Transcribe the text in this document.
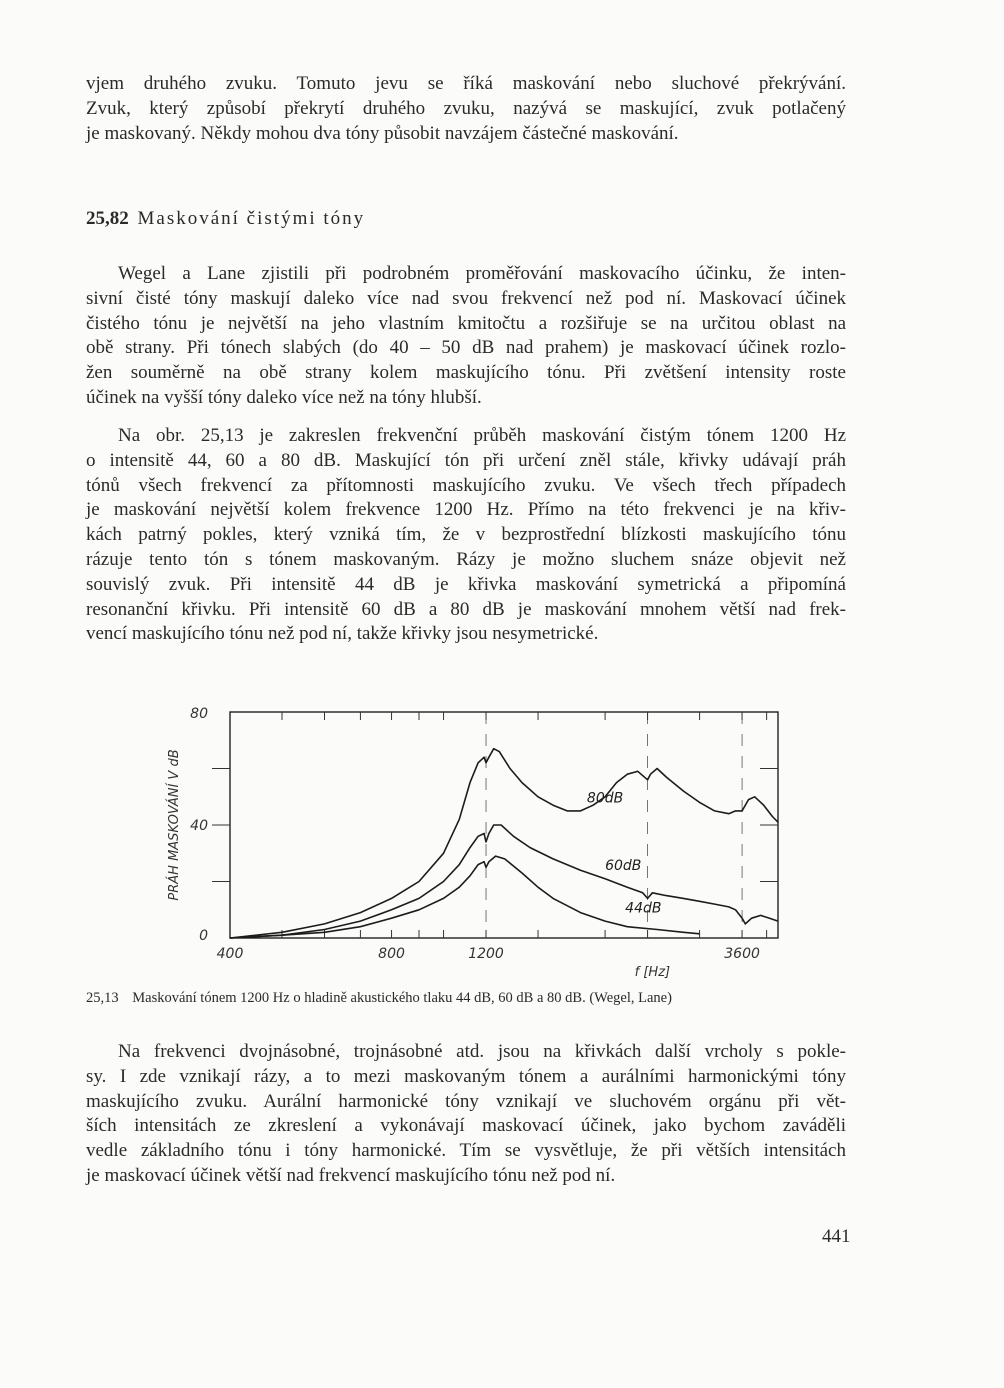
vjem druhého zvuku. Tomuto jevu se říká maskování nebo sluchové překrývání.
Zvuk, který způsobí překrytí druhého zvuku, nazývá se maskující, zvuk potlačený
je maskovaný. Někdy mohou dva tóny působit navzájem částečné maskování.

25,82 Maskování čistými tóny

Wegel a Lane zjistili při podrobném proměřování maskovacího účinku, že inten-
sivní čisté tóny maskují daleko více nad svou frekvencí než pod ní. Maskovací účinek
čistého tónu je největší na jeho vlastním kmitočtu a rozšiřuje se na určitou oblast na
obě strany. Při tónech slabých (do 40 – 50 dB nad prahem) je maskovací účinek rozlo-
žen souměrně na obě strany kolem maskujícího tónu. Při zvětšení intensity roste
účinek na vyšší tóny daleko více než na tóny hlubší.

Na obr. 25,13 je zakreslen frekvenční průběh maskování čistým tónem 1200 Hz
o intensitě 44, 60 a 80 dB. Maskující tón při určení zněl stále, křivky udávají práh
tónů všech frekvencí za přítomnosti maskujícího zvuku. Ve všech třech případech
je maskování největší kolem frekvence 1200 Hz. Přímo na této frekvenci je na křiv-
kách patrný pokles, který vzniká tím, že v bezprostřední blízkosti maskujícího tónu
rázuje tento tón s tónem maskovaným. Rázy je možno sluchem snáze objevit než
souvislý zvuk. Při intensitě 44 dB je křivka maskování symetrická a připomíná
resonanční křivku. Při intensitě 60 dB a 80 dB je maskování mnohem větší nad frek-
vencí maskujícího tónu než pod ní, takže křivky jsou nesymetrické.

80dB
60dB
44dB
400	800	1200	3600
0
40
80
f [Hz]
PRÁH MASKOVÁNÍ V dB

25,13 Maskování tónem 1200 Hz o hladině akustického tlaku 44 dB, 60 dB a 80 dB. (Wegel, Lane)

Na frekvenci dvojnásobné, trojnásobné atd. jsou na křivkách další vrcholy s pokle-
sy. I zde vznikají rázy, a to mezi maskovaným tónem a aurálními harmonickými tóny
maskujícího zvuku. Aurální harmonické tóny vznikají ve sluchovém orgánu při vět-
ších intensitách ze zkreslení a vykonávají maskovací účinek, jako bychom zaváděli
vedle základního tónu i tóny harmonické. Tím se vysvětluje, že při větších intensitách
je maskovací účinek větší nad frekvencí maskujícího tónu než pod ní.

441
